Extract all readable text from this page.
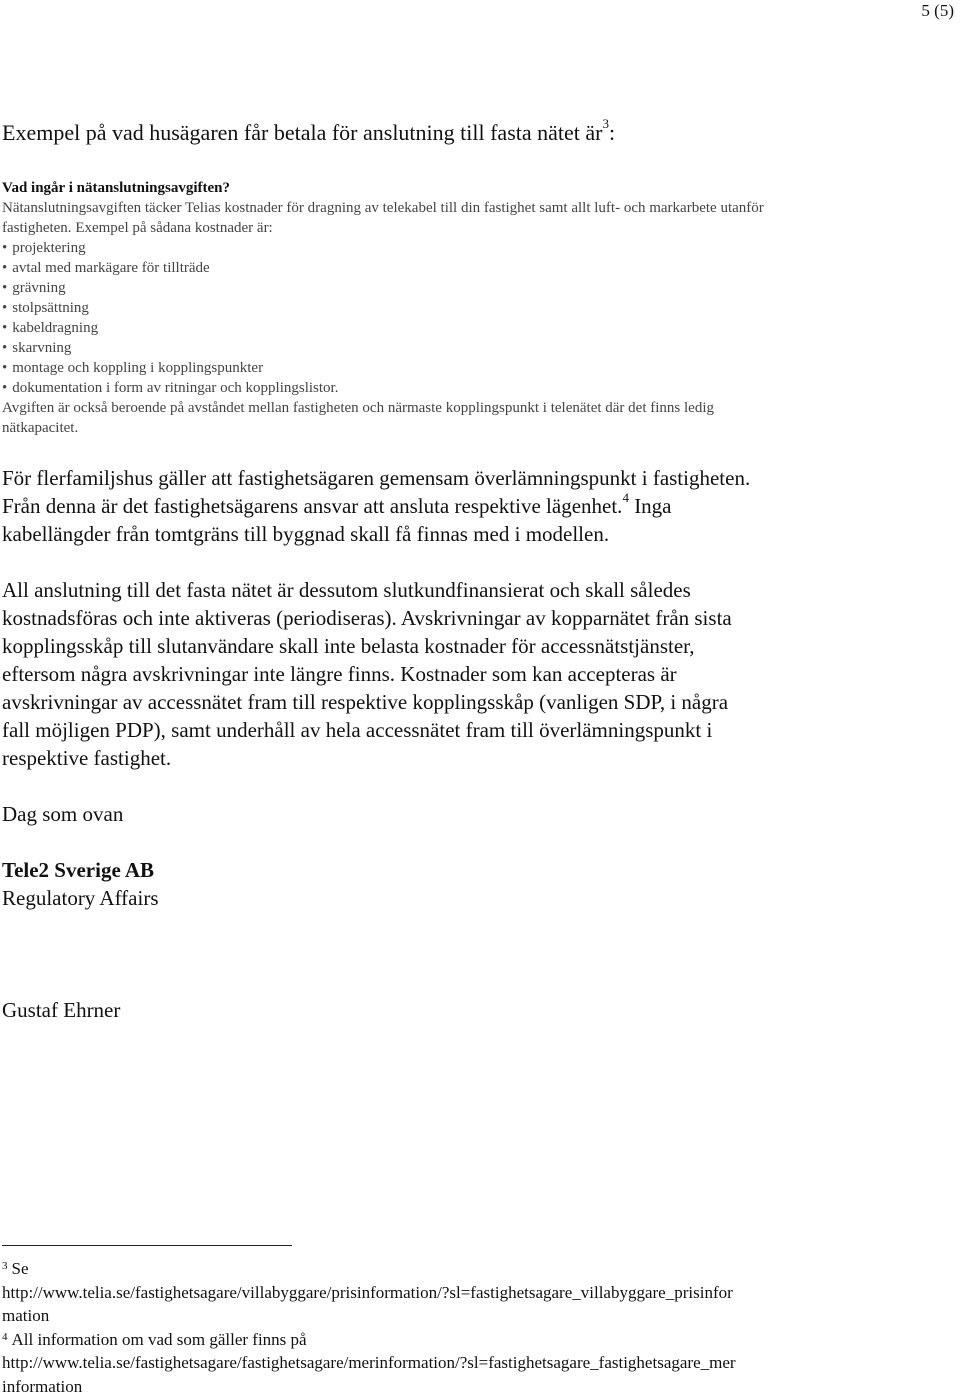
5 (5)
Exempel på vad husägaren får betala för anslutning till fasta nätet $är^3$:

Vad ingår i nätanslutningsavgiften?

Nätanslutningsavgiften täcker Telias kostnader för dragning av telekabel till din fastighet samt allt luft- och markarbete utanför

fastigheten. Exempel på sådana kostnader är:

• projektering
• avtal med markägare för tillträde
• grävning
• stolpsättning
• kabeldragning
• skarvning
• montage och koppling i kopplingspunkter
• dokumentation i form av ritningar och kopplingslistor.

Avgiften är också beroende på avståndet mellan fastigheten och närmaste kopplingspunkt i telenätet där det finns ledig

nätkapacitet.

För flerfamiljshus gäller att fastighetsägaren gemensam överlämningspunkt i fastigheten.
Från denna är det fastighetsägarens ansvar att ansluta respektive lägenhet.$^4$ Inga
kabellängder från tomtgräns till byggnad skall få finnas med i modellen.
All anslutning till det fasta nätet är dessutom slutkundfinansierat och skall således
kostnadsföras och inte aktiveras (periodiseras). Avskrivningar av kopparnätet från sista
kopplingsskåp till slutanvändare skall inte belasta kostnader för accessnätstjänster,
eftersom några avskrivningar inte längre finns. Kostnader som kan accepteras är
avskrivningar av accessnätet fram till respektive kopplingsskåp (vanligen SDP, i några
fall möjligen PDP), samt underhåll av hela accessnätet fram till överlämningspunkt i
respektive fastighet.
Dag som ovan
Tele2 Sverige AB
Regulatory Affairs
Gustaf Ehrner
$^3$ Se
http://www.telia.se/fastighetsagare/villabyggare/prisinformation/?sl=fastighetsagare_villabyggare_prisinfor
mation
$^4$ All information om vad som gäller finns på
http://www.telia.se/fastighetsagare/fastighetsagare/merinformation/?sl=fastighetsagare_fastighetsagare_mer
information
